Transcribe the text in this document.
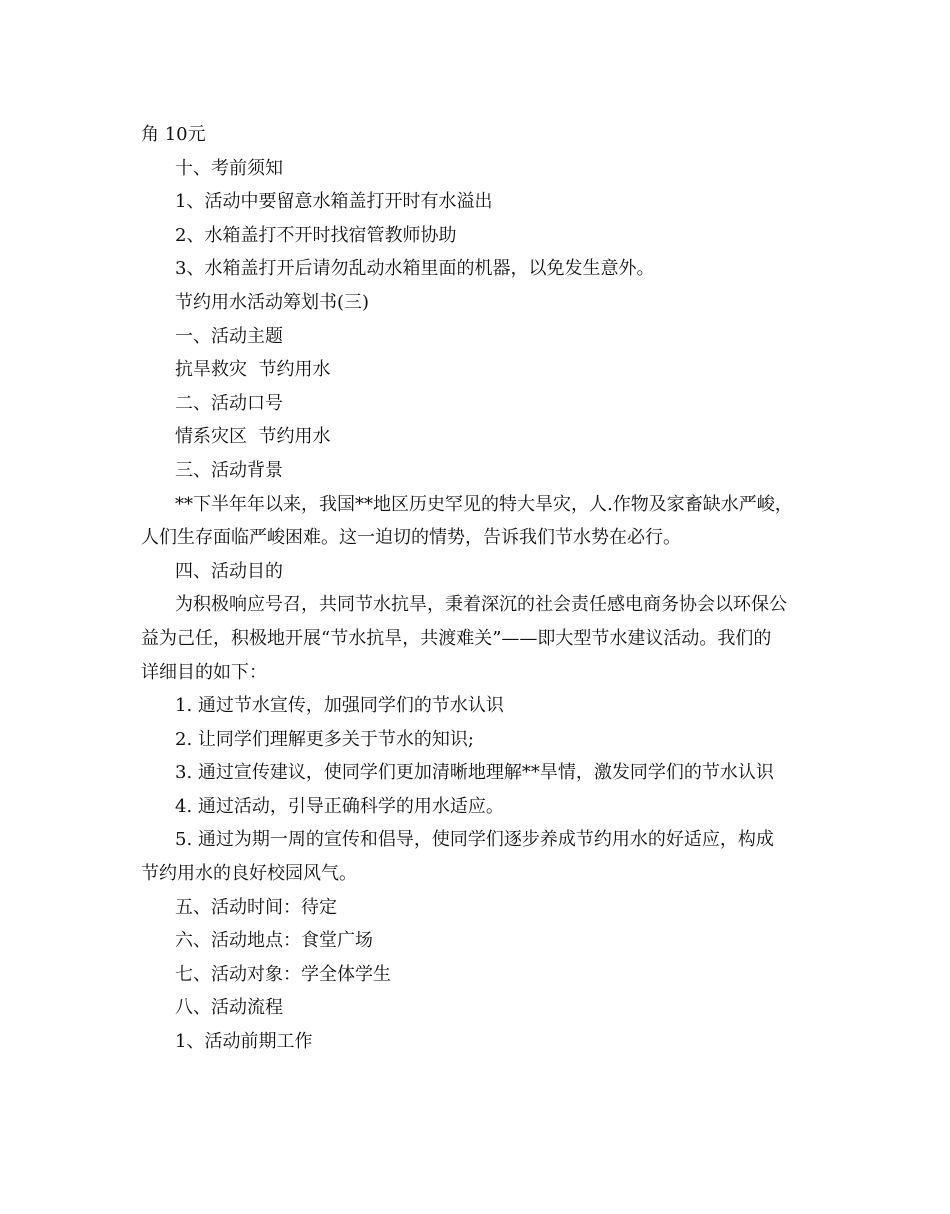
角 10元
十、考前须知
1、活动中要留意水箱盖打开时有水溢出
2、水箱盖打不开时找宿管教师协助
3、水箱盖打开后请勿乱动水箱里面的机器，以免发生意外。
节约用水活动筹划书(三)
一、活动主题
抗旱救灾  节约用水
二、活动口号
情系灾区  节约用水
三、活动背景
**下半年年以来，我国**地区历史罕见的特大旱灾，人.作物及家畜缺水严峻，
人们生存面临严峻困难。这一迫切的情势，告诉我们节水势在必行。
四、活动目的
为积极响应号召，共同节水抗旱，秉着深沉的社会责任感电商务协会以环保公
益为己任，积极地开展“节水抗旱，共渡难关”——即大型节水建议活动。我们的
详细目的如下：
1. 通过节水宣传，加强同学们的节水认识
2. 让同学们理解更多关于节水的知识;
3. 通过宣传建议，使同学们更加清晰地理解**旱情，激发同学们的节水认识
4. 通过活动，引导正确科学的用水适应。
5. 通过为期一周的宣传和倡导，使同学们逐步养成节约用水的好适应，构成
节约用水的良好校园风气。
五、活动时间：待定
六、活动地点：食堂广场
七、活动对象：学全体学生
八、活动流程
1、活动前期工作
